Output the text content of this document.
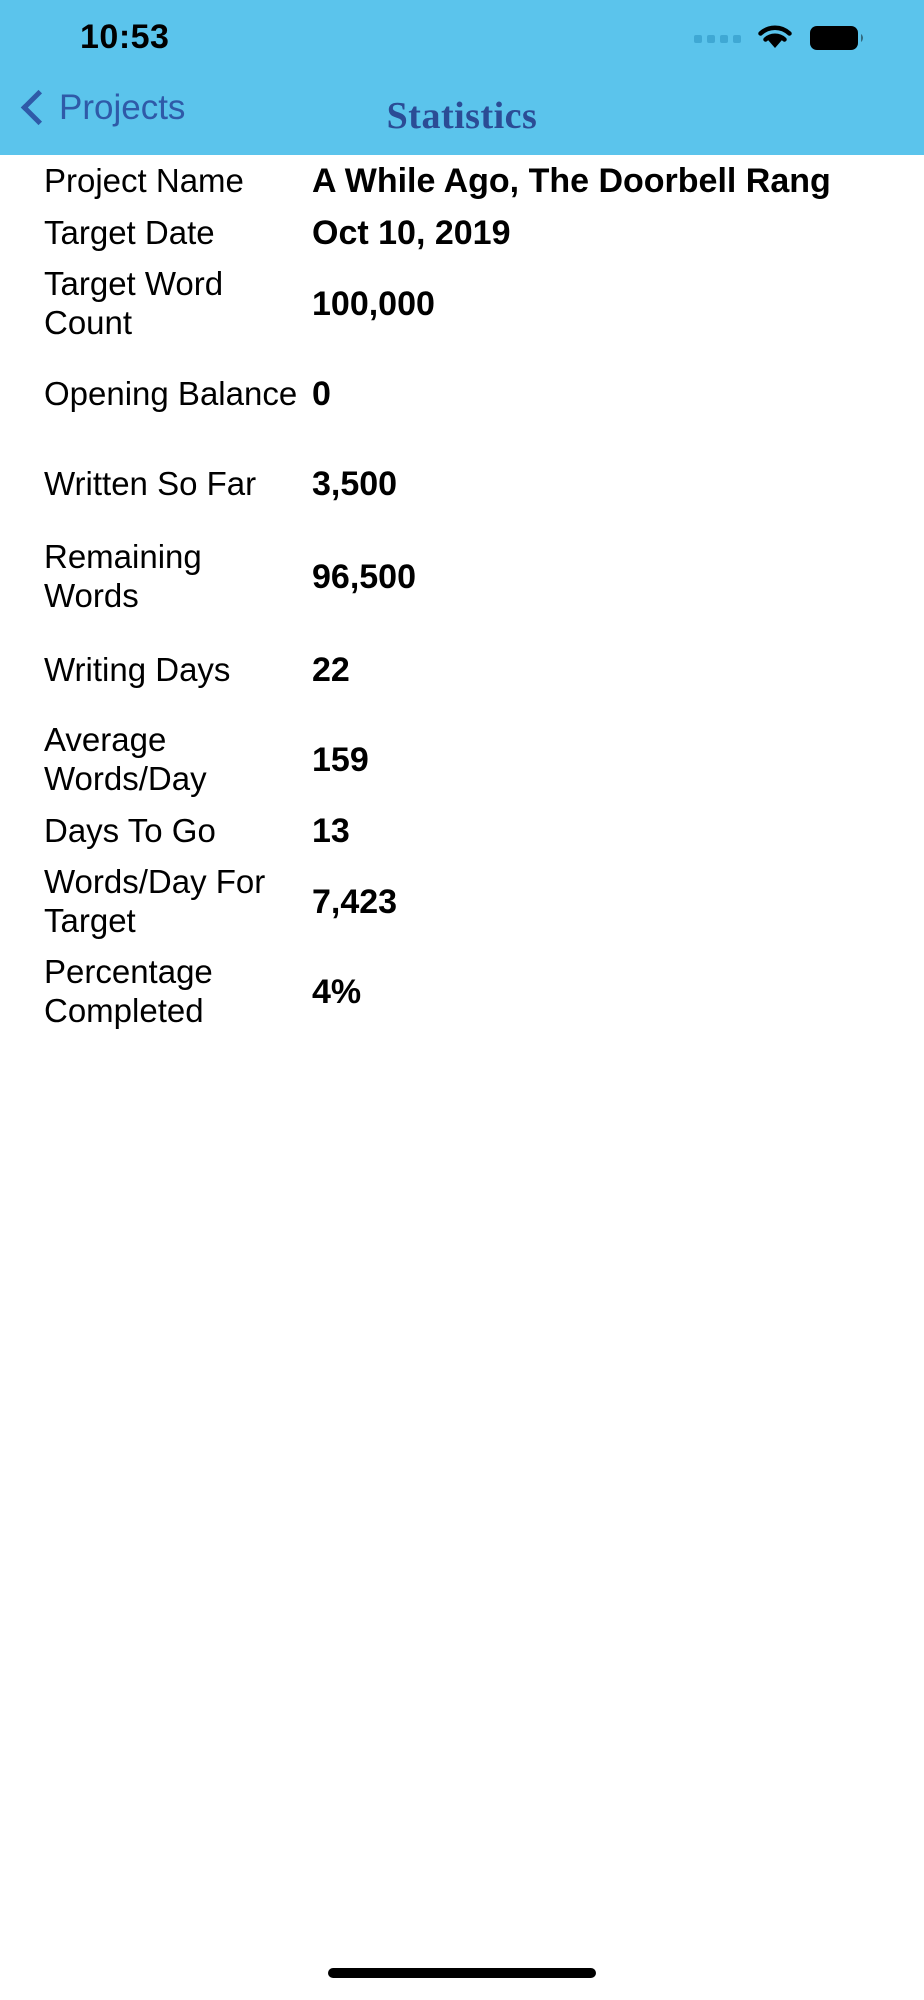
10:53
Projects	Statistics
Project Name	A While Ago, The Doorbell Rang
Target Date	Oct 10, 2019
Target Word Count	100,000
Opening Balance 0
Written So Far	3,500
Remaining Words	96,500
Writing Days	22
Average Words/Day	159
Days To Go	13
Words/Day For Target	7,423
Percentage Completed	4%
